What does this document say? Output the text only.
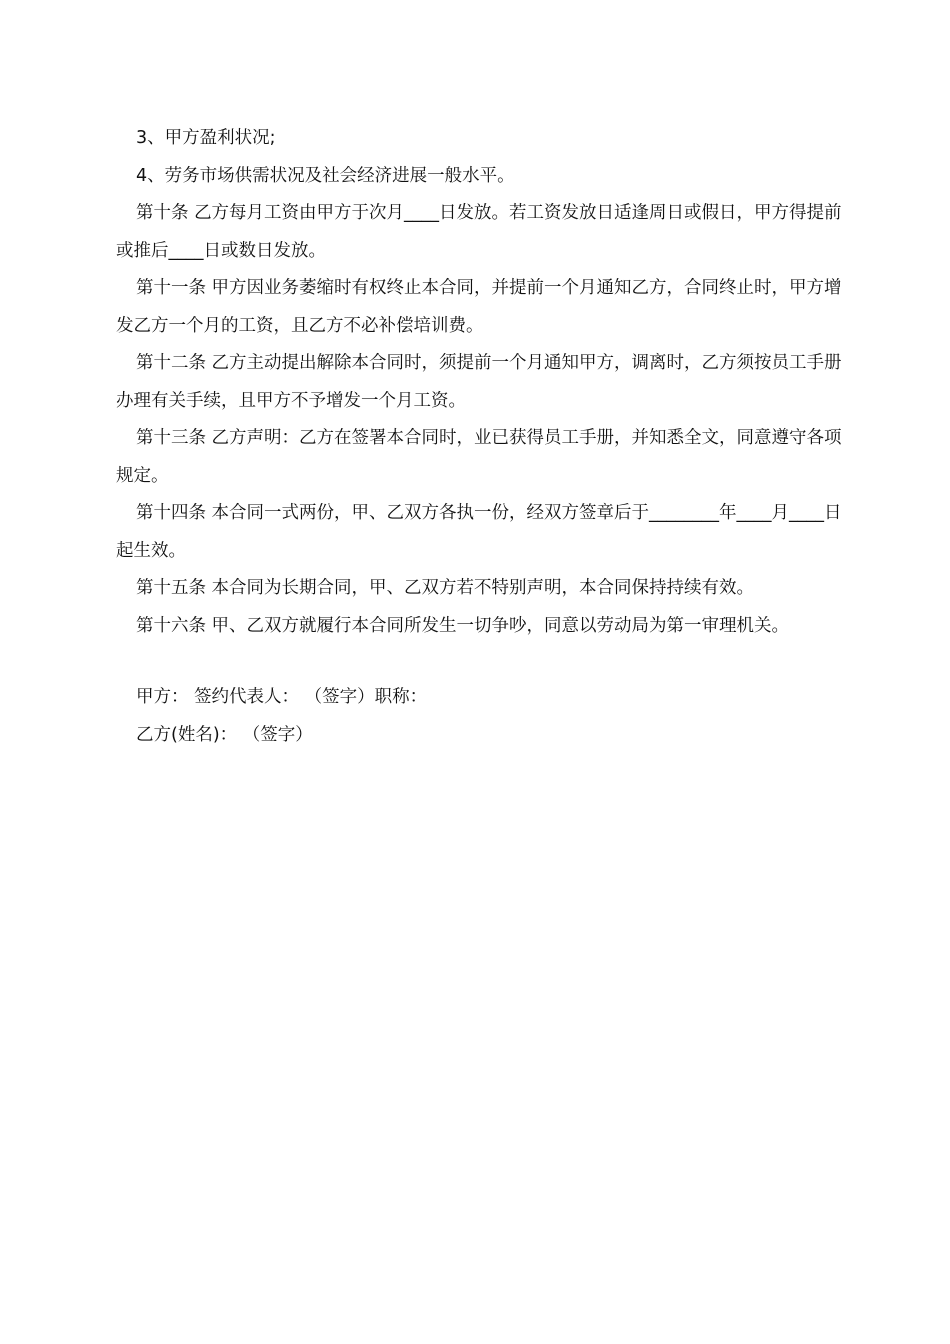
3、甲方盈利状况;

4、劳务市场供需状况及社会经济进展一般水平。

第十条 乙方每月工资由甲方于次月____日发放。若工资发放日适逢周日或假日，甲方得提前或推后____日或数日发放。

第十一条 甲方因业务萎缩时有权终止本合同，并提前一个月通知乙方，合同终止时，甲方增发乙方一个月的工资，且乙方不必补偿培训费。

第十二条 乙方主动提出解除本合同时，须提前一个月通知甲方，调离时，乙方须按员工手册办理有关手续，且甲方不予增发一个月工资。

第十三条 乙方声明：乙方在签署本合同时，业已获得员工手册，并知悉全文，同意遵守各项规定。

第十四条 本合同一式两份，甲、乙双方各执一份，经双方签章后于________年____月____日起生效。

第十五条 本合同为长期合同，甲、乙双方若不特别声明，本合同保持持续有效。

第十六条 甲、乙双方就履行本合同所发生一切争吵，同意以劳动局为第一审理机关。

甲方： 签约代表人： （签字）职称：

乙方(姓名)： （签字）
